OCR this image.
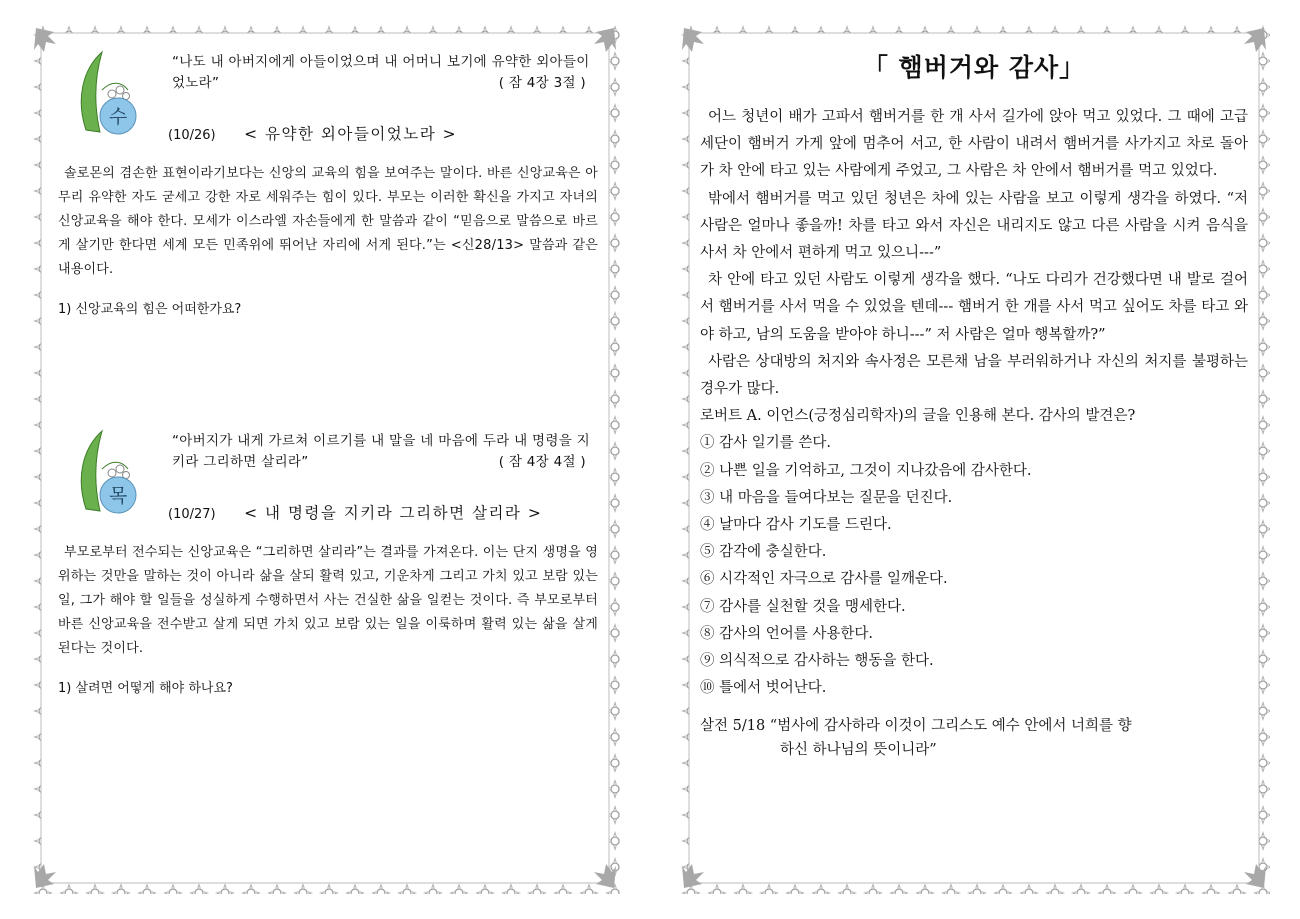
수
“나도 내 아버지에게 아들이었으며 내 어머니 보기에 유약한 외아들이었노라”	( 잠 4장 3절 )
(10/26) < 유약한 외아들이었노라 >
솔로몬의 겸손한 표현이라기보다는 신앙의 교육의 힘을 보여주는 말이다. 바른 신앙교육은 아무리 유약한 자도 굳세고 강한 자로 세워주는 힘이 있다. 부모는 이러한 확신을 가지고 자녀의 신앙교육을 해야 한다. 모세가 이스라엘 자손들에게 한 말씀과 같이 “믿음으로 말씀으로 바르게 살기만 한다면 세계 모든 민족위에 뛰어난 자리에 서게 된다.”는 <신28/13> 말씀과 같은 내용이다.
1) 신앙교육의 힘은 어떠한가요?
목
“아버지가 내게 가르쳐 이르기를 내 말을 네 마음에 두라 내 명령을 지키라 그리하면 살리라”	( 잠 4장 4절 )
(10/27) < 내 명령을 지키라 그리하면 살리라 >
부모로부터 전수되는 신앙교육은 “그리하면 살리라”는 결과를 가져온다. 이는 단지 생명을 영위하는 것만을 말하는 것이 아니라 삶을 살되 활력 있고, 기운차게 그리고 가치 있고 보람 있는 일, 그가 해야 할 일들을 성실하게 수행하면서 사는 건실한 삶을 일컫는 것이다. 즉 부모로부터 바른 신앙교육을 전수받고 살게 되면 가치 있고 보람 있는 일을 이룩하며 활력 있는 삶을 살게 된다는 것이다.
1) 살려면 어떻게 해야 하나요?
「 햄버거와 감사」

어느 청년이 배가 고파서 햄버거를 한 개 사서 길가에 앉아 먹고 있었다. 그 때에 고급 세단이 햄버거 가게 앞에 멈추어 서고, 한 사람이 내려서 햄버거를 사가지고 차로 돌아가 차 안에 타고 있는 사람에게 주었고, 그 사람은 차 안에서 햄버거를 먹고 있었다.

밖에서 햄버거를 먹고 있던 청년은 차에 있는 사람을 보고 이렇게 생각을 하였다. “저 사람은 얼마나 좋을까! 차를 타고 와서 자신은 내리지도 않고 다른 사람을 시켜 음식을 사서 차 안에서 편하게 먹고 있으니---”

차 안에 타고 있던 사람도 이렇게 생각을 했다. “나도 다리가 건강했다면 내 발로 걸어서 햄버거를 사서 먹을 수 있었을 텐데--- 햄버거 한 개를 사서 먹고 싶어도 차를 타고 와야 하고, 남의 도움을 받아야 하니---” 저 사람은 얼마 행복할까?”

사람은 상대방의 처지와 속사정은 모른채 남을 부러워하거나 자신의 처지를 불평하는 경우가 많다.

로버트 A. 이언스(긍정심리학자)의 글을 인용해 본다. 감사의 발견은?

① 감사 일기를 쓴다.
② 나쁜 일을 기억하고, 그것이 지나갔음에 감사한다.
③ 내 마음을 들여다보는 질문을 던진다.
④ 날마다 감사 기도를 드린다.
⑤ 감각에 충실한다.
⑥ 시각적인 자극으로 감사를 일깨운다.
⑦ 감사를 실천할 것을 맹세한다.
⑧ 감사의 언어를 사용한다.
⑨ 의식적으로 감사하는 행동을 한다.
⑩ 틀에서 벗어난다.
살전 5/18 “범사에 감사하라 이것이 그리스도 예수 안에서 너희를 향
하신 하나님의 뜻이니라”
